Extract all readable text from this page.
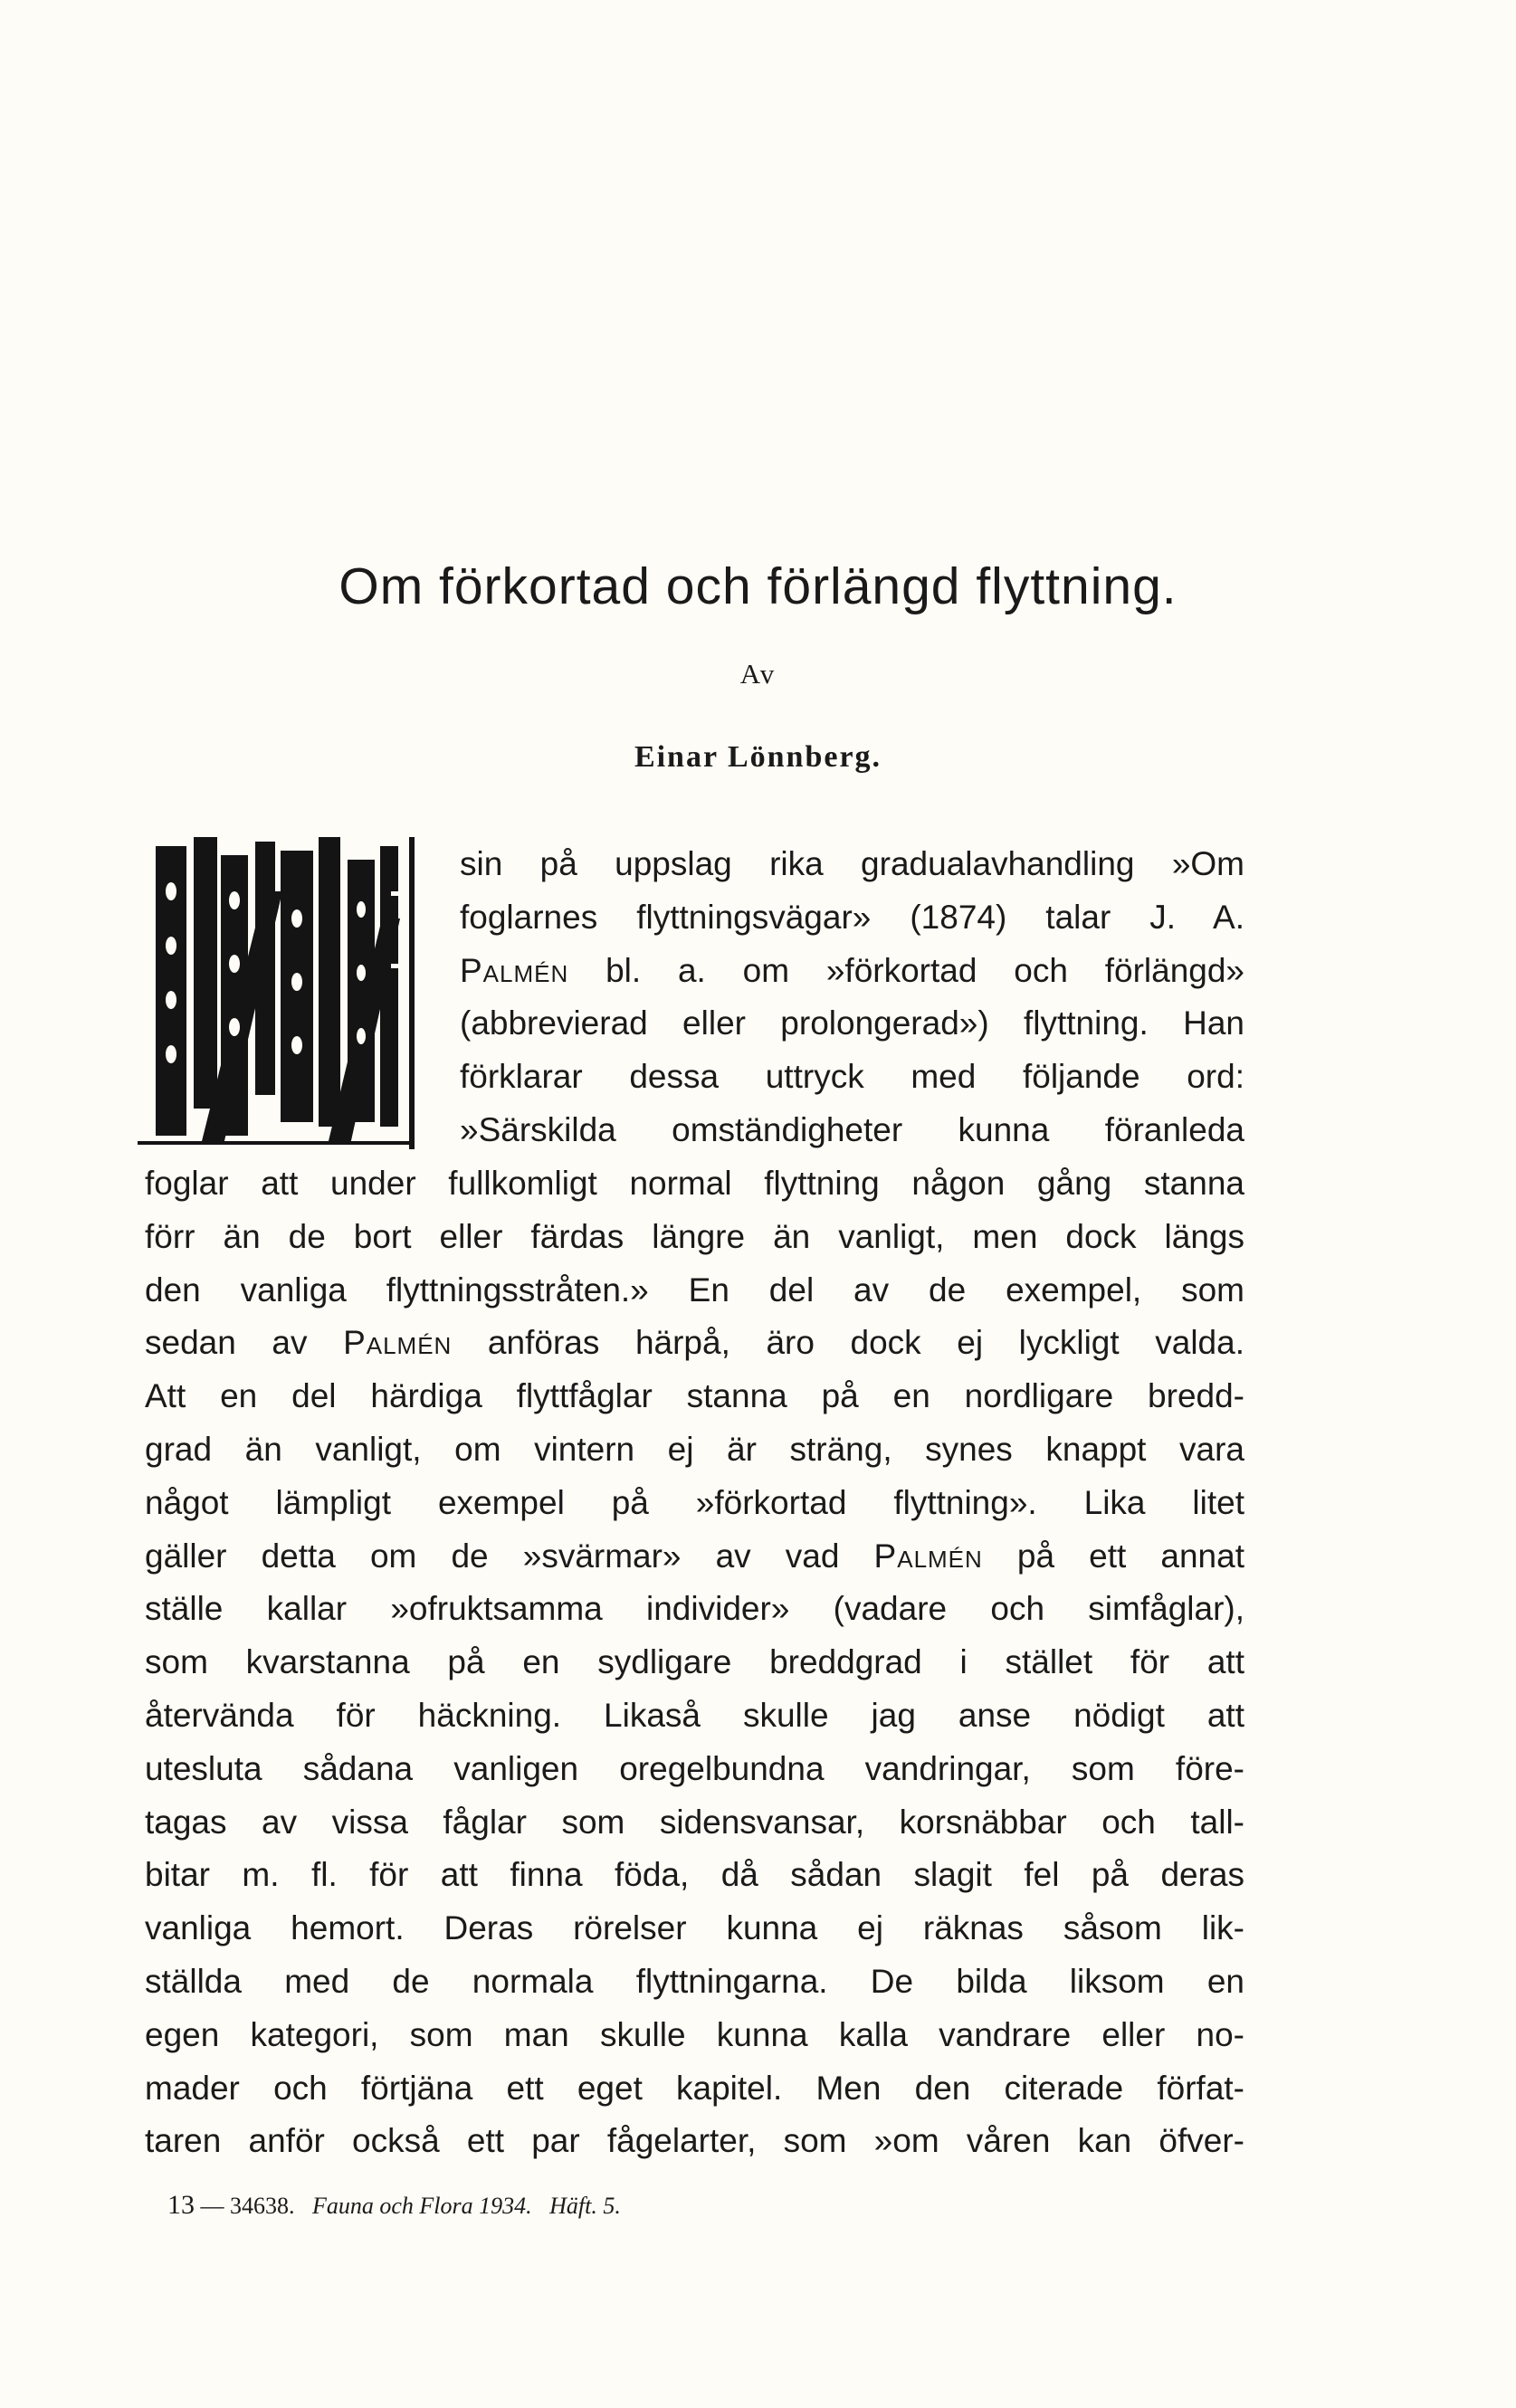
Om förkortad och förlängd flyttning.
Av
Einar Lönnberg.
sin på uppslag rika gradualavhandling »Om
foglarnes flyttningsvägar» (1874) talar J. A.
Palmén bl. a. om »förkortad och förlängd»
(abbrevierad eller prolongerad») flyttning. Han
förklarar dessa uttryck med följande ord:
»Särskilda omständigheter kunna föranleda
foglar att under fullkomligt normal flyttning någon gång stanna
förr än de bort eller färdas längre än vanligt, men dock längs
den vanliga flyttningsstråten.» En del av de exempel, som
sedan av Palmén anföras härpå, äro dock ej lyckligt valda.
Att en del härdiga flyttfåglar stanna på en nordligare bredd-
grad än vanligt, om vintern ej är sträng, synes knappt vara
något lämpligt exempel på »förkortad flyttning». Lika litet
gäller detta om de »svärmar» av vad Palmén på ett annat
ställe kallar »ofruktsamma individer» (vadare och simfåglar),
som kvarstanna på en sydligare breddgrad i stället för att
återvända för häckning. Likaså skulle jag anse nödigt att
utesluta sådana vanligen oregelbundna vandringar, som före-
tagas av vissa fåglar som sidensvansar, korsnäbbar och tall-
bitar m. fl. för att finna föda, då sådan slagit fel på deras
vanliga hemort. Deras rörelser kunna ej räknas såsom lik-
ställda med de normala flyttningarna. De bilda liksom en
egen kategori, som man skulle kunna kalla vandrare eller no-
mader och förtjäna ett eget kapitel. Men den citerade förfat-
taren anför också ett par fågelarter, som »om våren kan öfver-
13 — 34638. Fauna och Flora 1934. Häft. 5.
